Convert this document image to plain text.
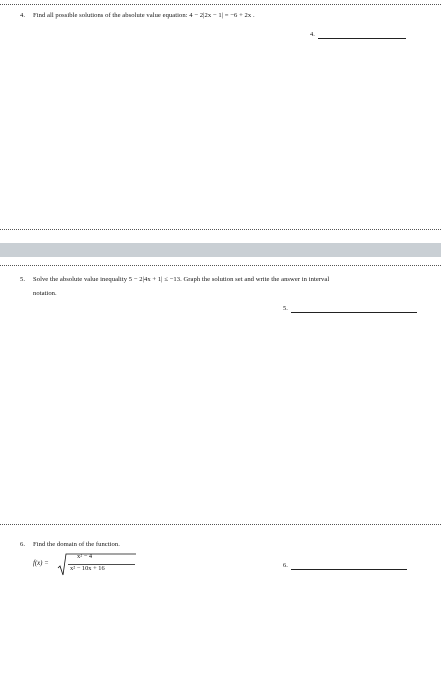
4. Find all possible solutions of the absolute value equation: 4 − 2|2x − 1| = −6 + 2x .
4.
5. Solve the absolute value inequality 5 − 2|4x + 1| ≤ −13. Graph the solution set and write the answer in interval
notation.
5.
6. Find the domain of the function.
f(x) =
x² − 4
x² − 10x + 16	6.
